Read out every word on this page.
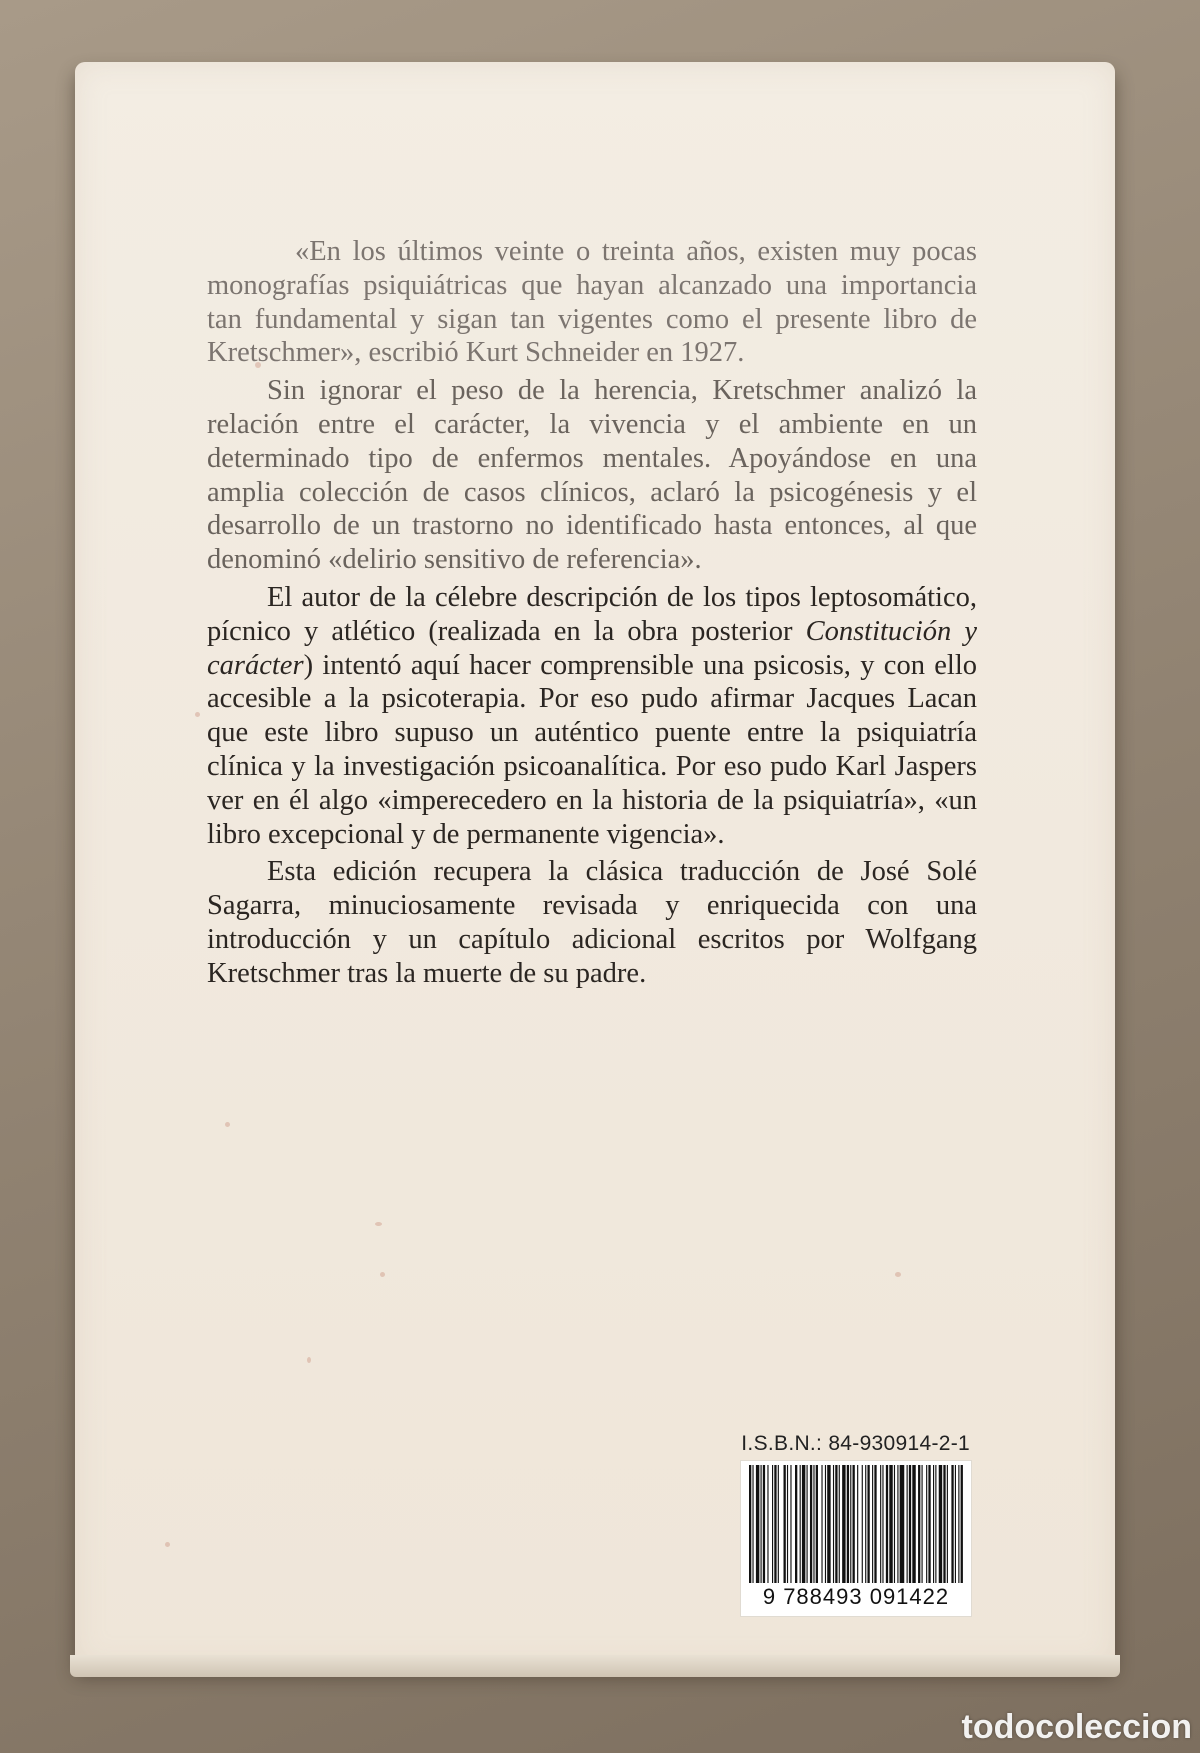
«En los últimos veinte o treinta años, existen muy pocas monografías psiquiátricas que hayan alcanzado una importancia tan fundamental y sigan tan vigentes como el presente libro de Kretschmer», escribió Kurt Schneider en 1927.

Sin ignorar el peso de la herencia, Kretschmer analizó la relación entre el carácter, la vivencia y el ambiente en un determinado tipo de enfermos mentales. Apoyándose en una amplia colección de casos clínicos, aclaró la psicogénesis y el desarrollo de un trastorno no identificado hasta entonces, al que denominó «delirio sensitivo de referencia».

El autor de la célebre descripción de los tipos leptosomático, pícnico y atlético (realizada en la obra posterior Constitución y carácter) intentó aquí hacer comprensible una psicosis, y con ello accesible a la psicoterapia. Por eso pudo afirmar Jacques Lacan que este libro supuso un auténtico puente entre la psiquiatría clínica y la investigación psicoanalítica. Por eso pudo Karl Jaspers ver en él algo «imperecedero en la historia de la psiquiatría», «un libro excepcional y de permanente vigencia».

Esta edición recupera la clásica traducción de José Solé Sagarra, minuciosamente revisada y enriquecida con una introducción y un capítulo adicional escritos por Wolfgang Kretschmer tras la muerte de su padre.

I.S.B.N.: 84-930914-2-1
9 788493 091422
todocoleccion
